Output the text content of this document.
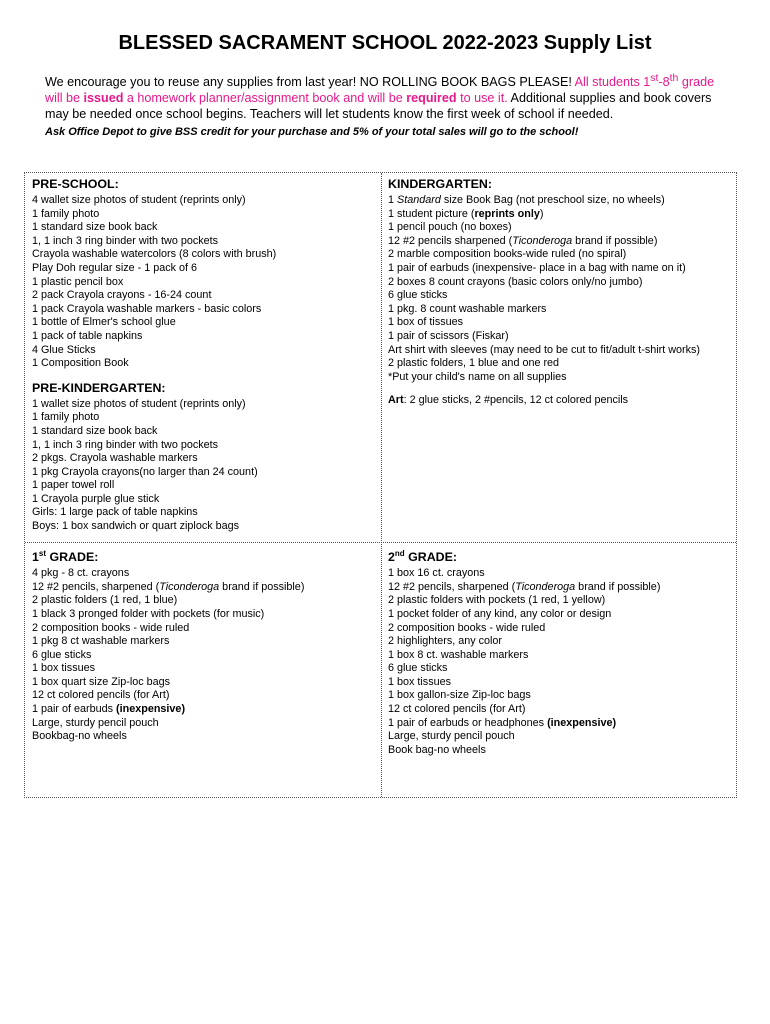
BLESSED SACRAMENT SCHOOL 2022-2023 Supply List
We encourage you to reuse any supplies from last year! NO ROLLING BOOK BAGS PLEASE! All students 1st-8th grade will be issued a homework planner/assignment book and will be required to use it. Additional supplies and book covers may be needed once school begins. Teachers will let students know the first week of school if needed.
Ask Office Depot to give BSS credit for your purchase and 5% of your total sales will go to the school!
PRE-SCHOOL:
4 wallet size photos of student (reprints only)
1 family photo
1 standard size book back
1, 1 inch 3 ring binder with two pockets
Crayola washable watercolors (8 colors with brush)
Play Doh regular size - 1 pack of 6
1 plastic pencil box
2 pack Crayola crayons - 16-24 count
1 pack Crayola washable markers - basic colors
1 bottle of Elmer's school glue
1 pack of table napkins
4 Glue Sticks
1 Composition Book
PRE-KINDERGARTEN:
1 wallet size photos of student (reprints only)
1 family photo
1 standard size book back
1, 1 inch 3 ring binder with two pockets
2 pkgs. Crayola washable markers
1 pkg Crayola crayons(no larger than 24 count)
1 paper towel roll
1 Crayola purple glue stick
Girls: 1 large pack of table napkins
Boys: 1 box sandwich or quart ziplock bags
KINDERGARTEN:
1 Standard size Book Bag (not preschool size, no wheels)
1 student picture (reprints only)
1 pencil pouch (no boxes)
12 #2 pencils sharpened (Ticonderoga brand if possible)
2 marble composition books-wide ruled (no spiral)
1 pair of earbuds (inexpensive- place in a bag with name on it)
2 boxes 8 count crayons (basic colors only/no jumbo)
6 glue sticks
1 pkg. 8 count washable markers
1 box of tissues
1 pair of scissors (Fiskar)
Art shirt with sleeves (may need to be cut to fit/adult t-shirt works)
2 plastic folders, 1 blue and one red
*Put your child's name on all supplies
Art: 2 glue sticks, 2 #pencils, 12 ct colored pencils
1st GRADE:
4 pkg - 8 ct. crayons
12 #2 pencils, sharpened (Ticonderoga brand if possible)
2 plastic folders (1 red, 1 blue)
1 black 3 pronged folder with pockets (for music)
2 composition books - wide ruled
1 pkg 8 ct washable markers
6 glue sticks
1 box tissues
1 box quart size Zip-loc bags
12 ct colored pencils (for Art)
1 pair of earbuds (inexpensive)
Large, sturdy pencil pouch
Bookbag-no wheels
2nd GRADE:
1 box 16 ct. crayons
12 #2 pencils, sharpened (Ticonderoga brand if possible)
2 plastic folders with pockets (1 red, 1 yellow)
1 pocket folder of any kind, any color or design
2 composition books - wide ruled
2 highlighters, any color
1 box 8 ct. washable markers
6 glue sticks
1 box tissues
1 box gallon-size Zip-loc bags
12 ct colored pencils (for Art)
1 pair of earbuds or headphones (inexpensive)
Large, sturdy pencil pouch
Book bag-no wheels
